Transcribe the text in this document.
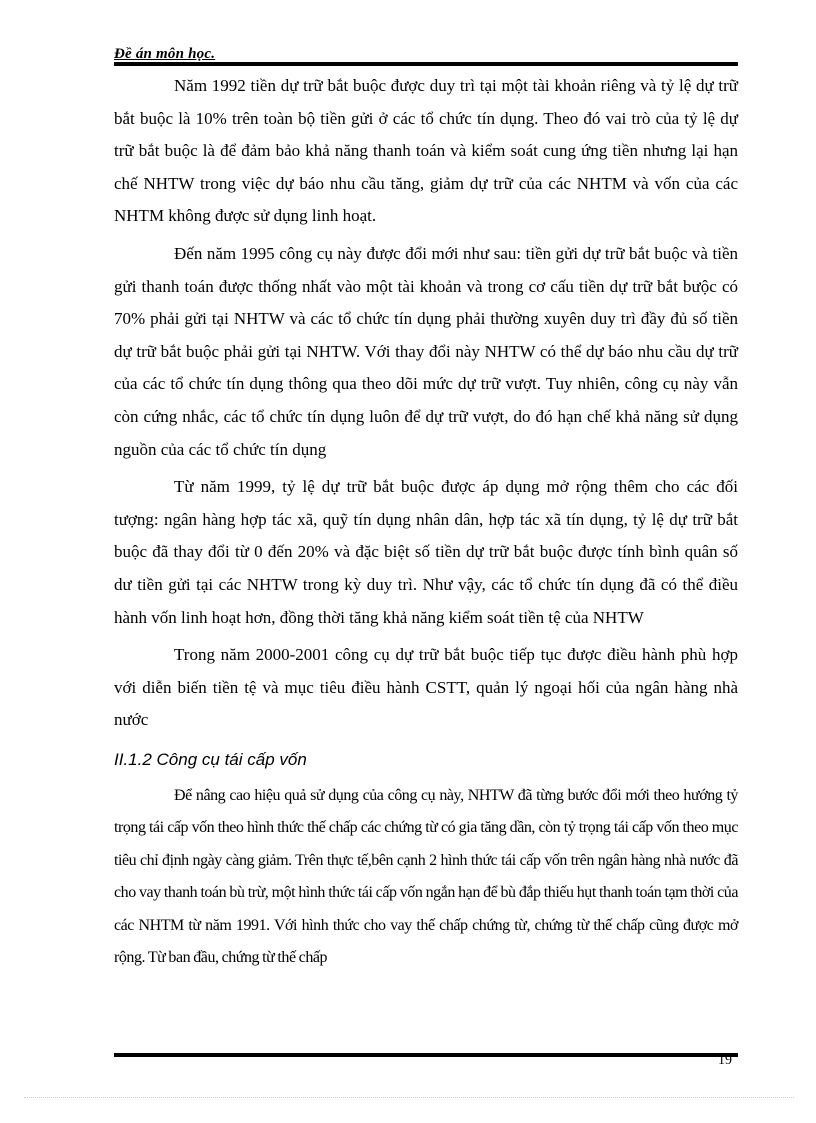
Đề án môn học.

Năm 1992 tiền dự trữ bắt buộc được duy trì tại một tài khoản riêng và tỷ lệ dự trữ bắt buộc là 10% trên toàn bộ tiền gửi ở các tổ chức tín dụng. Theo đó vai trò của tỷ lệ dự trữ bắt buộc là để đảm bảo khả năng thanh toán và kiểm soát cung ứng tiền nhưng lại hạn chế NHTW trong việc dự báo nhu cầu tăng, giảm dự trữ của các NHTM và vốn của các NHTM không được sử dụng linh hoạt.

Đến năm 1995 công cụ này được đổi mới như sau: tiền gửi dự trữ bắt buộc và tiền gửi thanh toán được thống nhất vào một tài khoản và trong cơ cấu tiền dự trữ bắt bưộc có 70% phải gửi tại NHTW và các tổ chức tín dụng phải thường xuyên duy trì đầy đủ số tiền dự trữ bắt buộc phải gửi tại NHTW. Với thay đổi này NHTW có thể dự báo nhu cầu dự trữ của các tổ chức tín dụng thông qua theo dõi mức dự trữ vượt. Tuy nhiên, công cụ này vẫn còn cứng nhắc, các tổ chức tín dụng luôn để dự trữ vượt, do đó hạn chế khả năng sử dụng nguồn của các tổ chức tín dụng

Từ năm 1999, tỷ lệ dự trữ bắt buộc được áp dụng mở rộng thêm cho các đối tượng: ngân hàng hợp tác xã, quỹ tín dụng nhân dân, hợp tác xã tín dụng, tỷ lệ dự trữ bắt buộc đã thay đổi từ 0 đến 20% và đặc biệt số tiền dự trữ bắt buộc được tính bình quân số dư tiền gửi tại các NHTW trong kỳ duy trì. Như vậy, các tổ chức tín dụng đã có thể điều hành vốn linh hoạt hơn, đồng thời tăng khả năng kiểm soát tiền tệ của NHTW

Trong năm 2000-2001 công cụ dự trữ bắt buộc tiếp tục được điều hành phù hợp với diễn biến tiền tệ và mục tiêu điều hành CSTT, quản lý ngoại hối của ngân hàng nhà nước

II.1.2 Công cụ tái cấp vốn

Để nâng cao hiệu quả sử dụng của công cụ này, NHTW đã từng bước đổi mới theo hướng tỷ trọng tái cấp vốn theo hình thức thế chấp các chứng từ có gia tăng dần, còn tỷ trọng tái cấp vốn theo mục tiêu chỉ định ngày càng giảm. Trên thực tế,bên cạnh 2 hình thức tái cấp vốn trên ngân hàng nhà nước đã cho vay thanh toán bù trừ, một hình thức tái cấp vốn ngắn hạn để bù đắp thiếu hụt thanh toán tạm thời của các NHTM từ năm 1991. Với hình thức cho vay thế chấp chứng từ, chứng từ thế chấp cũng được mở rộng. Từ ban đầu, chứng từ thế chấp

19
